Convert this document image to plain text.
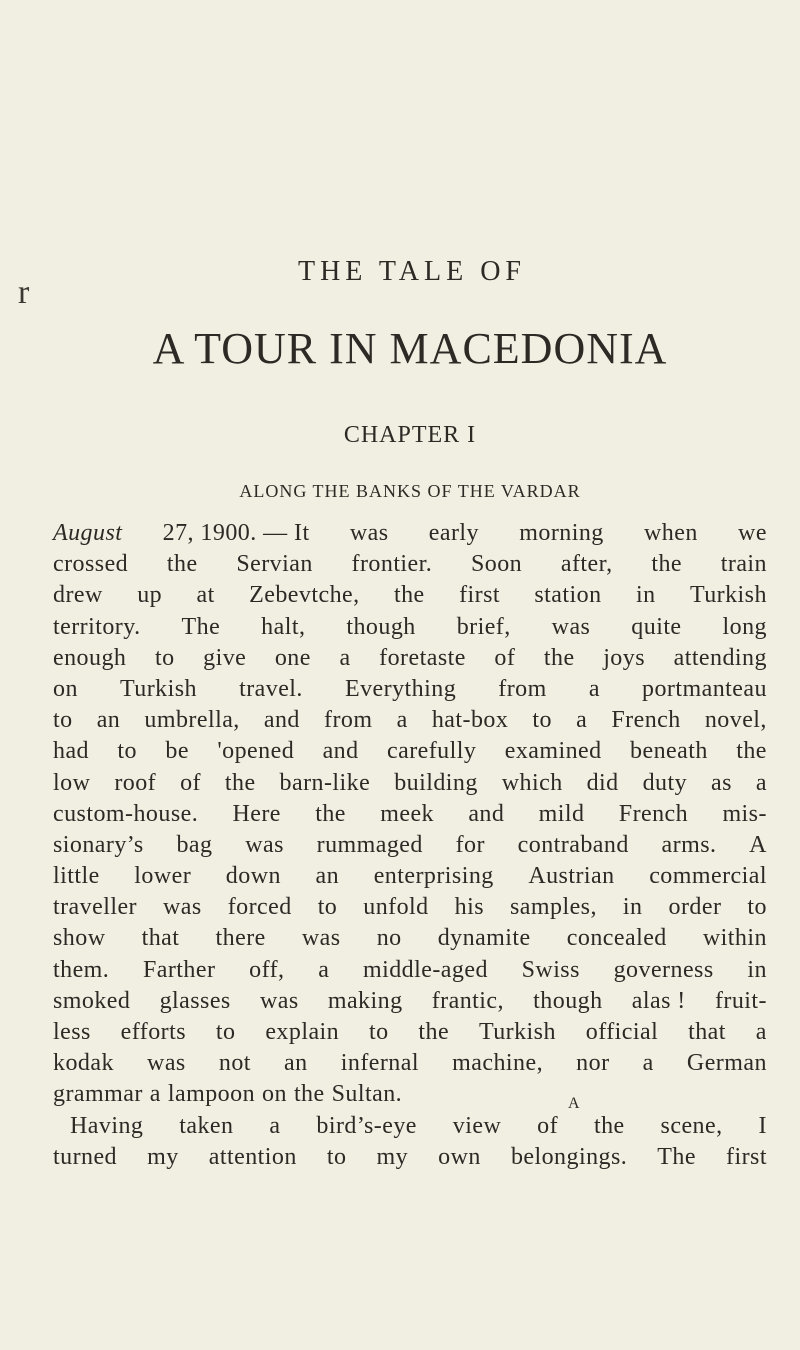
r
THE TALE OF
A TOUR IN MACEDONIA
CHAPTER I
ALONG THE BANKS OF THE VARDAR
August 27, 1900. — It was early morning when we
crossed the Servian frontier. Soon after, the train
drew up at Zebevtche, the first station in Turkish
territory. The halt, though brief, was quite long
enough to give one a foretaste of the joys attending
on Turkish travel. Everything from a portmanteau
to an umbrella, and from a hat-box to a French novel,
had to be 'opened and carefully examined beneath the
low roof of the barn-like building which did duty as a
custom-house. Here the meek and mild French mis-
sionary’s bag was rummaged for contraband arms. A
little lower down an enterprising Austrian commercial
traveller was forced to unfold his samples, in order to
show that there was no dynamite concealed within
them. Farther off, a middle-aged Swiss governess in
smoked glasses was making frantic, though alas ! fruit-
less efforts to explain to the Turkish official that a
kodak was not an infernal machine, nor a German
grammar a lampoon on the Sultan.
Having taken a bird’s-eye view of the scene, I
turned my attention to my own belongings. The first
A
